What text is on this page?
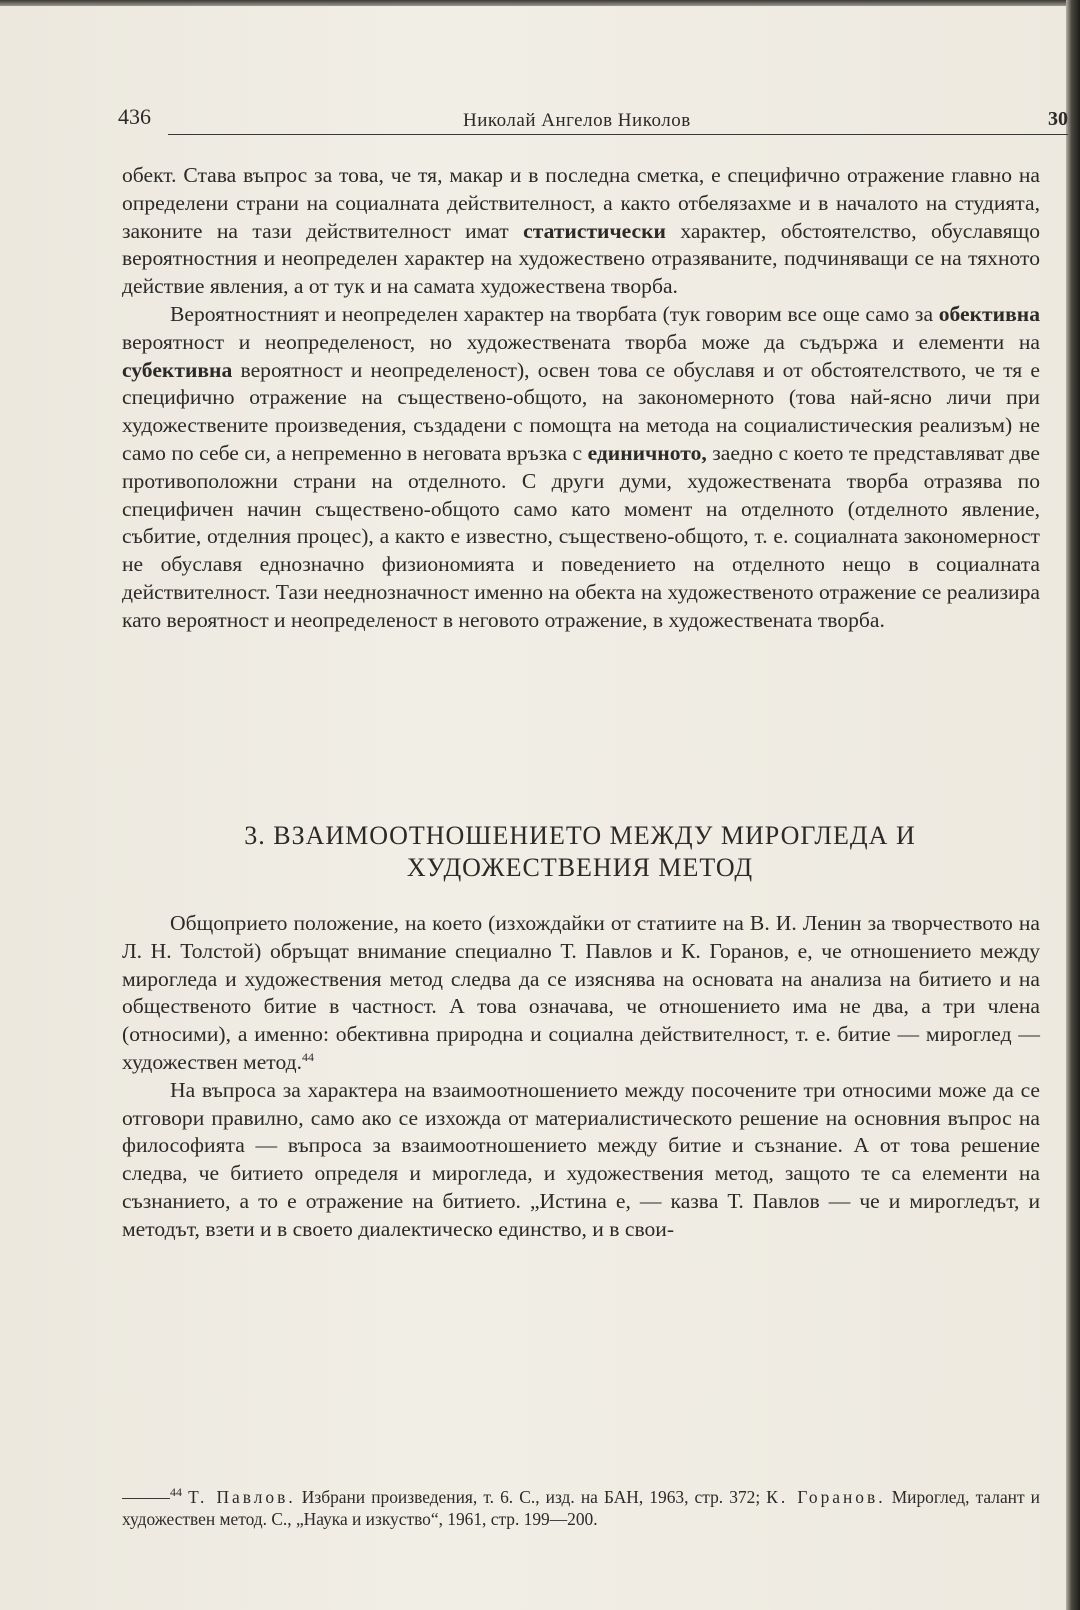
436	Николай Ангелов Николов	30

обект. Става въпрос за това, че тя, макар и в последна сметка, е специфично отражение главно на определени страни на социалната действителност, а както отбелязахме и в началото на студията, законите на тази действителност имат статистически характер, обстоятелство, обуславящо вероятностния и неопределен характер на художествено отразяваните, подчиняващи се на тяхното действие явления, а от тук и на самата художествена творба.

Вероятностният и неопределен характер на творбата (тук говорим все още само за обективна вероятност и неопределеност, но художествената творба може да съдържа и елементи на субективна вероятност и неопределеност), освен това се обуславя и от обстоятелството, че тя е специфично отражение на съществено-общото, на закономерното (това най-ясно личи при художествените произведения, създадени с помощта на метода на социалистическия реализъм) не само по себе си, а непременно в неговата връзка с единичното, заедно с което те представляват две противоположни страни на отделното. С други думи, художествената творба отразява по специфичен начин съществено-общото само като момент на отделното (отделното явление, събитие, отделния процес), а както е известно, съществено-общото, т. е. социалната закономерност не обуславя еднозначно физиономията и поведението на отделното нещо в социалната действителност. Тази нееднозначност именно на обекта на художественото отражение се реализира като вероятност и неопределеност в неговото отражение, в художествената творба.

3. ВЗАИМООТНОШЕНИЕТО МЕЖДУ МИРОГЛЕДА И
ХУДОЖЕСТВЕНИЯ МЕТОД

Общоприето положение, на което (изхождайки от статиите на В. И. Ленин за творчеството на Л. Н. Толстой) обръщат внимание специално Т. Павлов и К. Горанов, е, че отношението между мирогледа и художествения метод следва да се изяснява на основата на анализа на битието и на общественото битие в частност. А това означава, че отношението има не два, а три члена (относими), а именно: обективна природна и социална действителност, т. е. битие — мироглед — художествен метод.$^{44}$

На въпроса за характера на взаимоотношението между посочените три относими може да се отговори правилно, само ако се изхожда от материалистическото решение на основния въпрос на философията — въпроса за взаимоотношението между битие и съзнание. А от това решение следва, че битието определя и мирогледа, и художествения метод, защото те са елементи на съзнанието, а то е отражение на битието. „Истина е, — казва Т. Павлов — че и мирогледът, и методът, взети и в своето диалектическо единство, и в свои-

$^{44}$ Т. Павлов. Избрани произведения, т. 6. С., изд. на БАН, 1963, стр. 372; К. Горанов. Мироглед, талант и художествен метод. С., „Наука и изкуство“, 1961, стр. 199—200.
